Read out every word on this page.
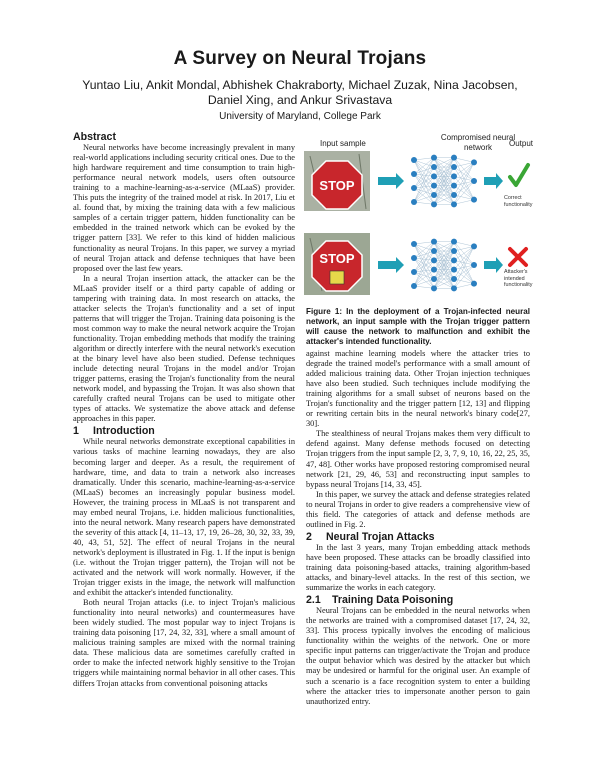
A Survey on Neural Trojans
Yuntao Liu, Ankit Mondal, Abhishek Chakraborty, Michael Zuzak, Nina Jacobsen,
Daniel Xing, and Ankur Srivastava
University of Maryland, College Park
Abstract

Neural networks have become increasingly prevalent in many real-world applications including security critical ones. Due to the high hardware requirement and time consumption to train high-performance neural network models, users often outsource training to a machine-learning-as-a-service (MLaaS) provider. This puts the integrity of the trained model at risk. In 2017, Liu et al. found that, by mixing the training data with a few malicious samples of a certain trigger pattern, hidden functionality can be embedded in the trained network which can be evoked by the trigger pattern [33]. We refer to this kind of hidden malicious functionality as neural Trojans. In this paper, we survey a myriad of neural Trojan attack and defense techniques that have been proposed over the last few years.

In a neural Trojan insertion attack, the attacker can be the MLaaS provider itself or a third party capable of adding or tampering with training data. In most research on attacks, the attacker selects the Trojan's functionality and a set of input patterns that will trigger the Trojan. Training data poisoning is the most common way to make the neural network acquire the Trojan functionality. Trojan embedding methods that modify the training algorithm or directly interfere with the neural network's execution at the binary level have also been studied. Defense techniques include detecting neural Trojans in the model and/or Trojan trigger patterns, erasing the Trojan's functionality from the neural network model, and bypassing the Trojan. It was also shown that carefully crafted neural Trojans can be used to mitigate other types of attacks. We systematize the above attack and defense approaches in this paper.

1 Introduction

While neural networks demonstrate exceptional capabilities in various tasks of machine learning nowadays, they are also becoming larger and deeper. As a result, the requirement of hardware, time, and data to train a network also increases dramatically. Under this scenario, machine-learning-as-a-service (MLaaS) becomes an increasingly popular business model. However, the training process in MLaaS is not transparent and may embed neural Trojans, i.e. hidden malicious functionalities, into the neural network. Many research papers have demonstrated the severity of this attack [4, 11–13, 17, 19, 26–28, 30, 32, 33, 39, 40, 43, 51, 52]. The effect of neural Trojans in the neural network's deployment is illustrated in Fig. 1. If the input is benign (i.e. without the Trojan trigger pattern), the Trojan will not be activated and the network will work normally. However, if the Trojan trigger exists in the image, the network will malfunction and exhibit the attacker's intended functionality.

Both neural Trojan attacks (i.e. to inject Trojan's malicious functionality into neural networks) and countermeasures have been widely studied. The most popular way to inject Trojans is training data poisoning [17, 24, 32, 33], where a small amount of malicious training samples are mixed with the normal training data. These malicious data are sometimes carefully crafted in order to make the infected network highly sensitive to the Trojan triggers while maintaining normal behavior in all other cases. This differs Trojan attacks from conventional poisoning attacks

Input sample
Compromised neural network	Output
STOP
STOP
Correct functionality
Attacker's intended functionality
Figure 1: In the deployment of a Trojan-infected neural network, an input sample with the Trojan trigger pattern will cause the network to malfunction and exhibit the attacker's intended functionality.

against machine learning models where the attacker tries to degrade the trained model's performance with a small amount of added malicious training data. Other Trojan injection techniques have also been studied. Such techniques include modifying the training algorithms for a small subset of neurons based on the Trojan's functionality and the trigger pattern [12, 13] and flipping or rewriting certain bits in the neural network's binary code[27, 30].

The stealthiness of neural Trojans makes them very difficult to defend against. Many defense methods focused on detecting Trojan triggers from the input sample [2, 3, 7, 9, 10, 16, 22, 25, 35, 47, 48]. Other works have proposed restoring compromised neural network [21, 29, 46, 53] and reconstructing input samples to bypass neural Trojans [14, 33, 45].

In this paper, we survey the attack and defense strategies related to neural Trojans in order to give readers a comprehensive view of this field. The categories of attack and defense methods are outlined in Fig. 2.

2 Neural Trojan Attacks

In the last 3 years, many Trojan embedding attack methods have been proposed. These attacks can be broadly classified into training data poisoning-based attacks, training algorithm-based attacks, and binary-level attacks. In the rest of this section, we summarize the works in each category.

2.1 Training Data Poisoning

Neural Trojans can be embedded in the neural networks when the networks are trained with a compromised dataset [17, 24, 32, 33]. This process typically involves the encoding of malicious functionality within the weights of the network. One or more specific input patterns can trigger/activate the Trojan and produce the output behavior which was desired by the attacker but which may be undesired or harmful for the original user. An example of such a scenario is a face recognition system to enter a building where the attacker tries to impersonate another person to gain unauthorized entry.
